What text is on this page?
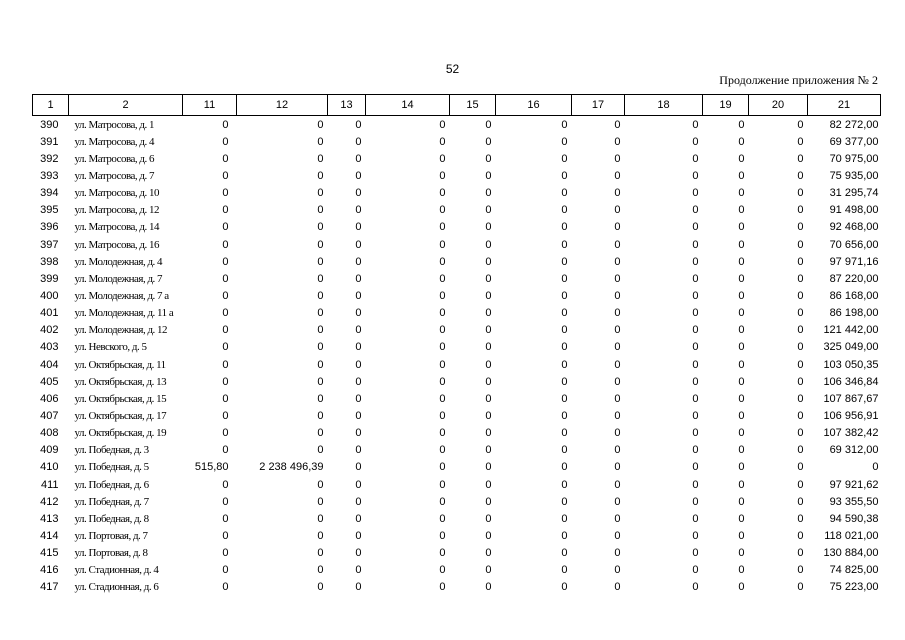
52
Продолжение приложения № 2
1	2	11	12	13	14	15	16	17	18	19	20	21
390	ул. Матросова, д. 1	0	0	0	0	0	0	0	0	0	0	82 272,00
391	ул. Матросова, д. 4	0	0	0	0	0	0	0	0	0	0	69 377,00
392	ул. Матросова, д. 6	0	0	0	0	0	0	0	0	0	0	70 975,00
393	ул. Матросова, д. 7	0	0	0	0	0	0	0	0	0	0	75 935,00
394	ул. Матросова, д. 10	0	0	0	0	0	0	0	0	0	0	31 295,74
395	ул. Матросова, д. 12	0	0	0	0	0	0	0	0	0	0	91 498,00
396	ул. Матросова, д. 14	0	0	0	0	0	0	0	0	0	0	92 468,00
397	ул. Матросова, д. 16	0	0	0	0	0	0	0	0	0	0	70 656,00
398	ул. Молодежная, д. 4	0	0	0	0	0	0	0	0	0	0	97 971,16
399	ул. Молодежная, д. 7	0	0	0	0	0	0	0	0	0	0	87 220,00
400	ул. Молодежная, д. 7 а	0	0	0	0	0	0	0	0	0	0	86 168,00
401	ул. Молодежная, д. 11 а	0	0	0	0	0	0	0	0	0	0	86 198,00
402	ул. Молодежная, д. 12	0	0	0	0	0	0	0	0	0	0	121 442,00
403	ул. Невского, д. 5	0	0	0	0	0	0	0	0	0	0	325 049,00
404	ул. Октябрьская, д. 11	0	0	0	0	0	0	0	0	0	0	103 050,35
405	ул. Октябрьская, д. 13	0	0	0	0	0	0	0	0	0	0	106 346,84
406	ул. Октябрьская, д. 15	0	0	0	0	0	0	0	0	0	0	107 867,67
407	ул. Октябрьская, д. 17	0	0	0	0	0	0	0	0	0	0	106 956,91
408	ул. Октябрьская, д. 19	0	0	0	0	0	0	0	0	0	0	107 382,42
409	ул. Победная, д. 3	0	0	0	0	0	0	0	0	0	0	69 312,00
410	ул. Победная, д. 5	515,80	2 238 496,39	0	0	0	0	0	0	0	0	0
411	ул. Победная, д. 6	0	0	0	0	0	0	0	0	0	0	97 921,62
412	ул. Победная, д. 7	0	0	0	0	0	0	0	0	0	0	93 355,50
413	ул. Победная, д. 8	0	0	0	0	0	0	0	0	0	0	94 590,38
414	ул. Портовая, д. 7	0	0	0	0	0	0	0	0	0	0	118 021,00
415	ул. Портовая, д. 8	0	0	0	0	0	0	0	0	0	0	130 884,00
416	ул. Стадионная, д. 4	0	0	0	0	0	0	0	0	0	0	74 825,00
417	ул. Стадионная, д. 6	0	0	0	0	0	0	0	0	0	0	75 223,00
